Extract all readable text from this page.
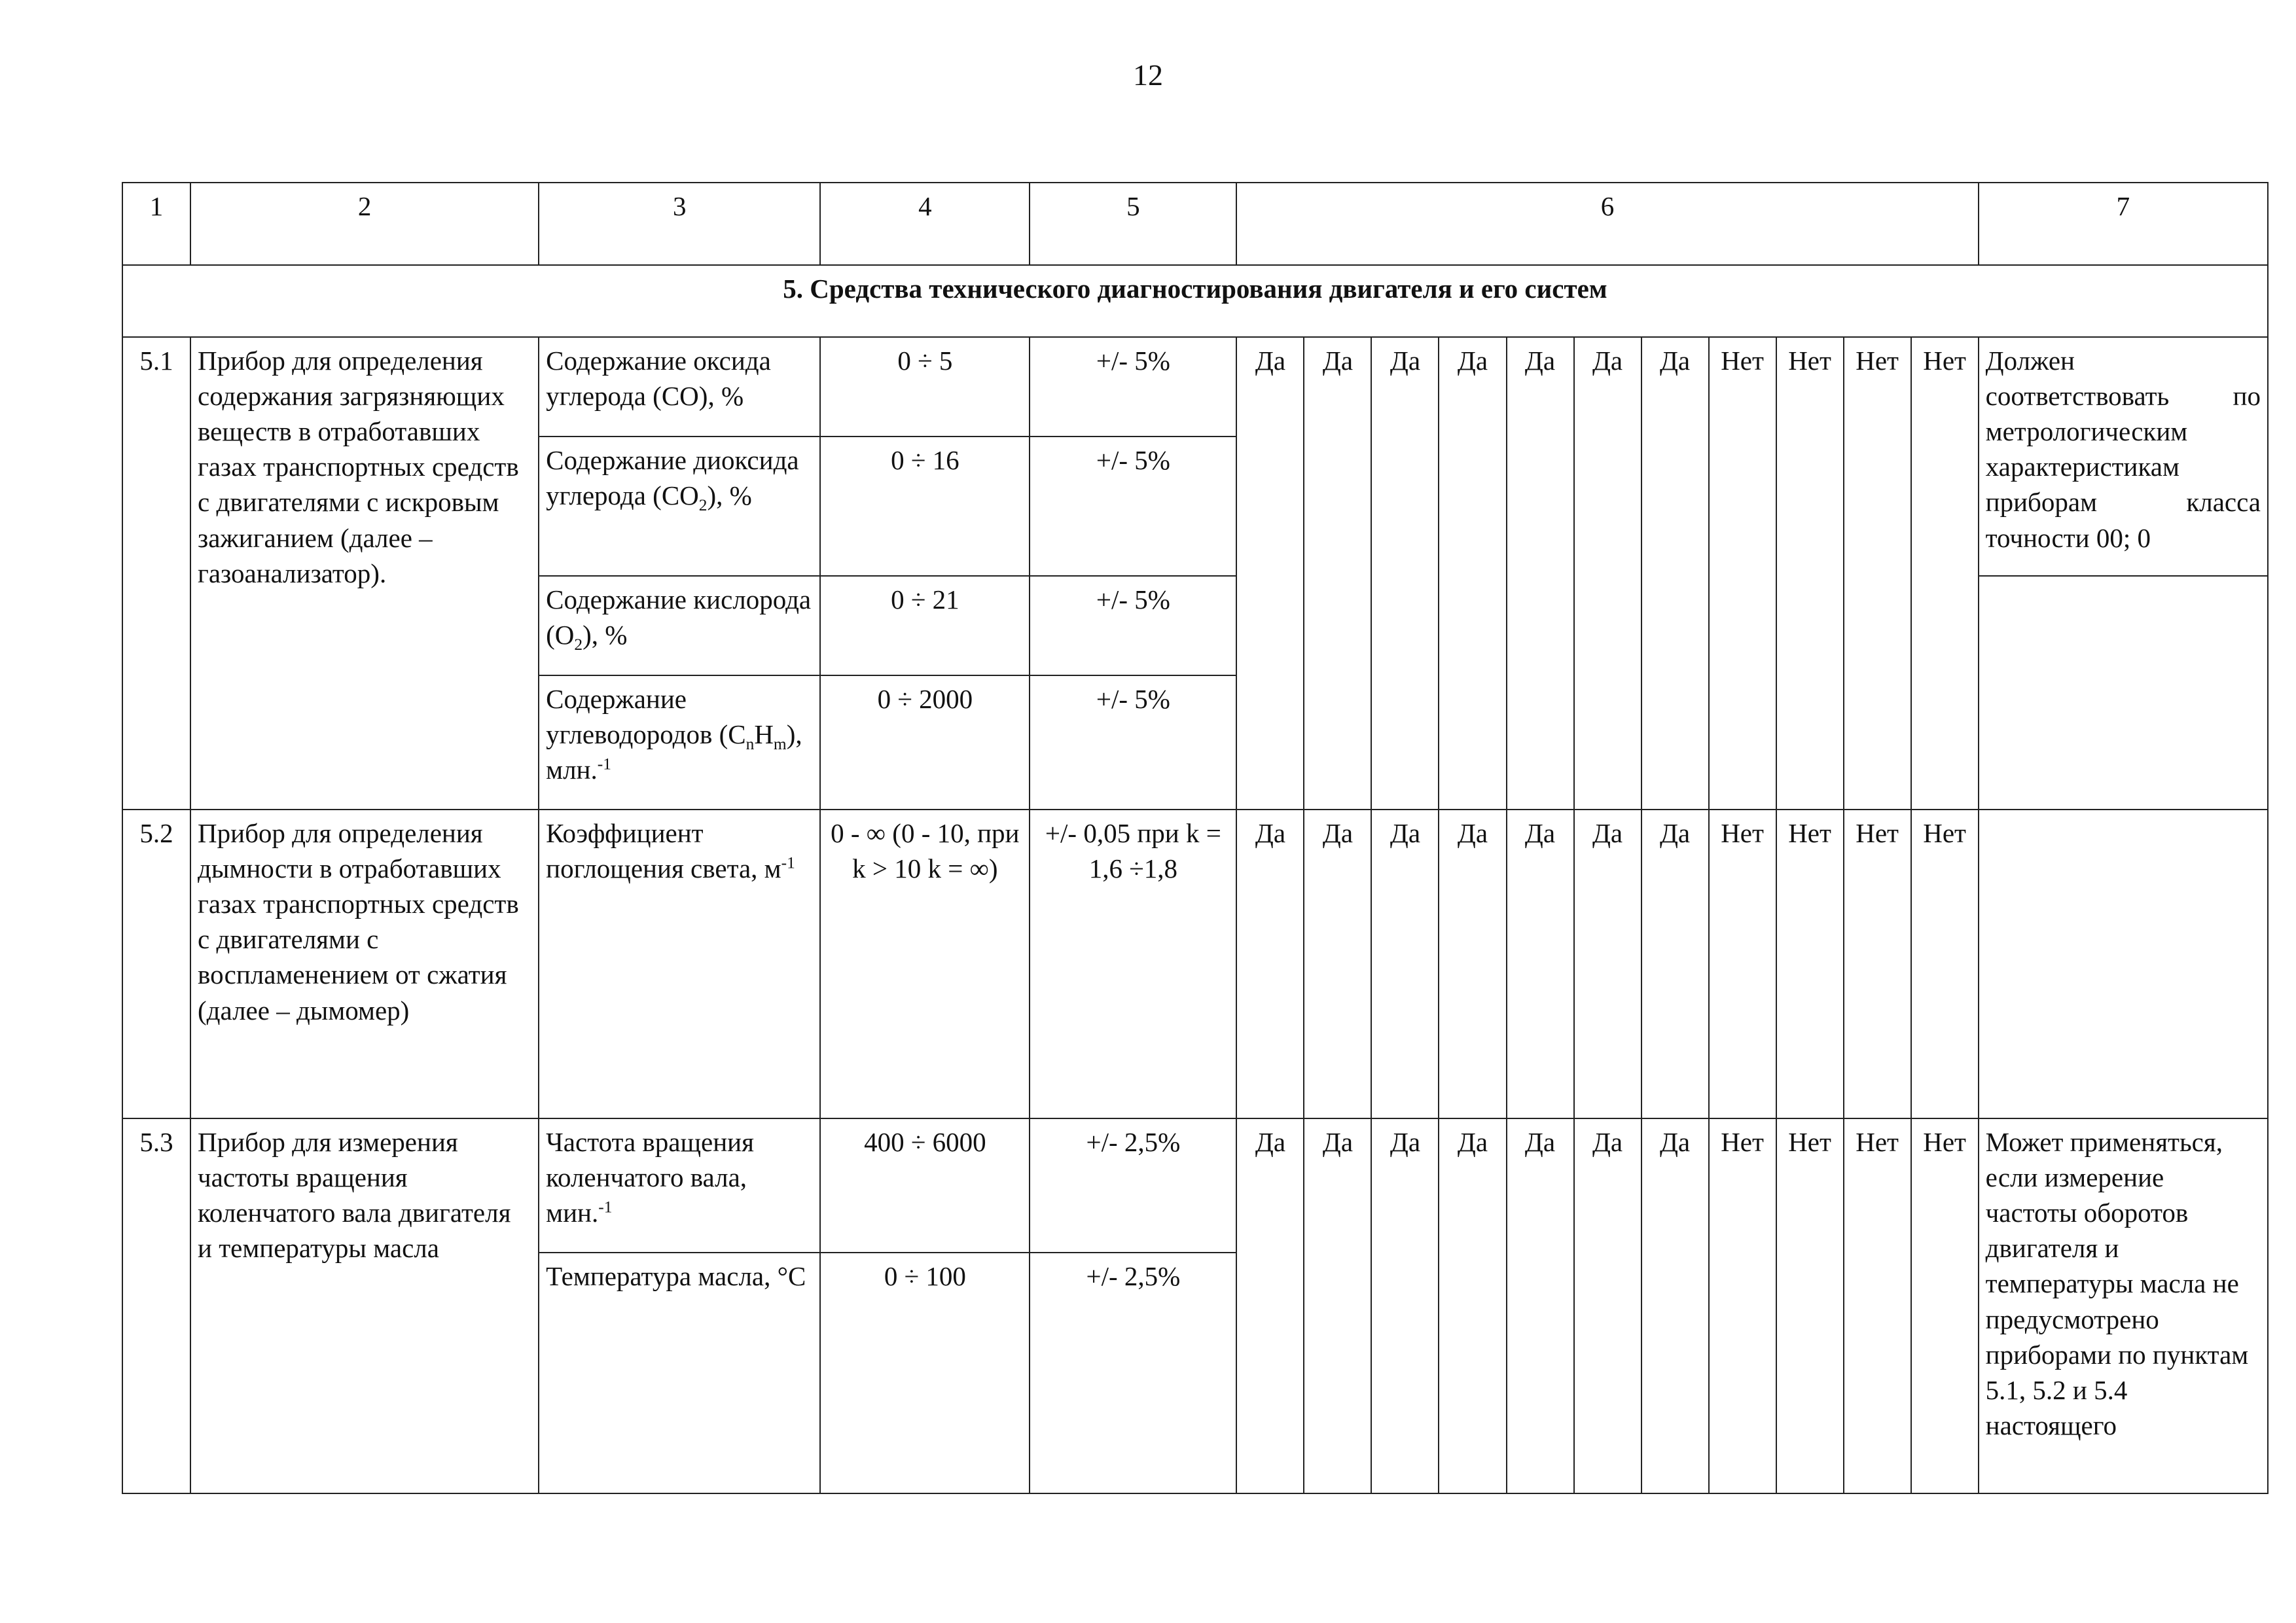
12
1	2	3	4	5	6											7
5. Средства технического диагностирования двигателя и его систем																
5.1	Прибор для определения содержания загрязняющих веществ в отработавших газах транспортных средств с двигателями с искровым зажиганием (далее – газоанализатор).	Содержание оксида углерода (CO), %	0 ÷ 5	+/- 5%	Да	Да	Да	Да	Да	Да	Да	Нет	Нет	Нет	Нет	Должен соответствовать по метрологическим характеристикам приборам класса точности 00; 0
		Содержание диоксида углерода $(CO_2)$, %	0 ÷ 16	+/- 5%												
		Содержание кислорода $(O_2)$, %	0 ÷ 21	+/- 5%												
		Содержание углеводородов $(C_nH_m)$, млн.$^{-1}$	0 ÷ 2000	+/- 5%												
5.2	Прибор для определения дымности в отработавших газах транспортных средств с двигателями с воспламенением от сжатия (далее – дымомер)	Коэффициент поглощения света, $м^{-1}$	0 - ∞ (0 - 10, при k > 10 k = ∞)	+/- 0,05 при k = 1,6 ÷1,8	Да	Да	Да	Да	Да	Да	Да	Нет	Нет	Нет	Нет	
5.3	Прибор для измерения частоты вращения коленчатого вала двигателя и температуры масла	Частота вращения коленчатого вала, мин.$^{-1}$	400 ÷ 6000	+/- 2,5%	Да	Да	Да	Да	Да	Да	Да	Нет	Нет	Нет	Нет	Может применяться, если измерение частоты оборотов двигателя и температуры масла не предусмотрено приборами по пунктам 5.1, 5.2 и 5.4 настоящего
		Температура масла, °C	0 ÷ 100	+/- 2,5%												
